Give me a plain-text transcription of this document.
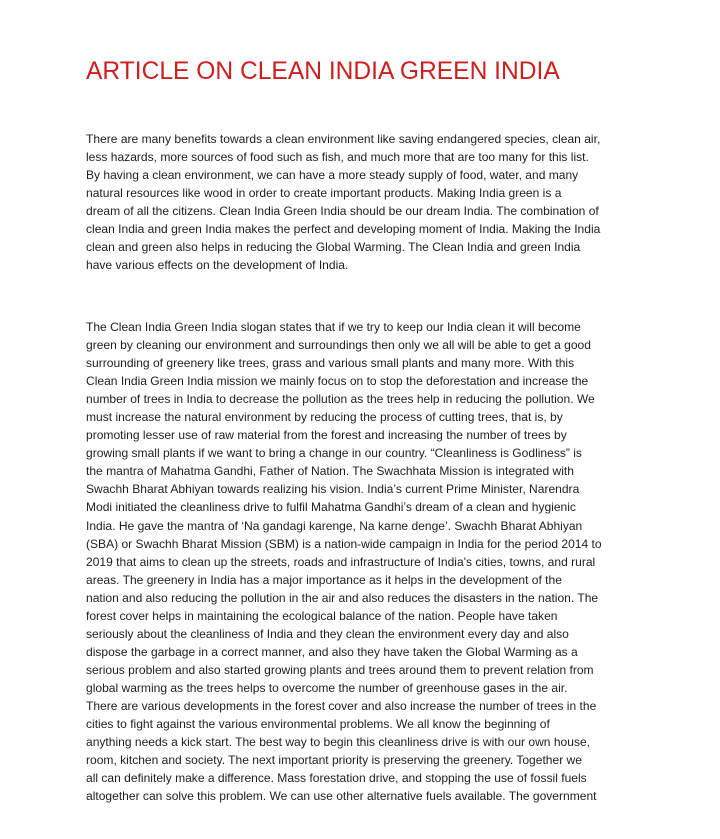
ARTICLE ON CLEAN INDIA GREEN INDIA

There are many benefits towards a clean environment like saving endangered species, clean air,
less hazards, more sources of food such as fish, and much more that are too many for this list.
By having a clean environment, we can have a more steady supply of food, water, and many
natural resources like wood in order to create important products. Making India green is a
dream of all the citizens. Clean India Green India should be our dream India. The combination of
clean India and green India makes the perfect and developing moment of India. Making the India
clean and green also helps in reducing the Global Warming. The Clean India and green India
have various effects on the development of India.

The Clean India Green India slogan states that if we try to keep our India clean it will become
green by cleaning our environment and surroundings then only we all will be able to get a good
surrounding of greenery like trees, grass and various small plants and many more. With this
Clean India Green India mission we mainly focus on to stop the deforestation and increase the
number of trees in India to decrease the pollution as the trees help in reducing the pollution. We
must increase the natural environment by reducing the process of cutting trees, that is, by
promoting lesser use of raw material from the forest and increasing the number of trees by
growing small plants if we want to bring a change in our country. “Cleanliness is Godliness” is
the mantra of Mahatma Gandhi, Father of Nation. The Swachhata Mission is integrated with
Swachh Bharat Abhiyan towards realizing his vision. India’s current Prime Minister, Narendra
Modi initiated the cleanliness drive to fulfil Mahatma Gandhi’s dream of a clean and hygienic
India. He gave the mantra of ‘Na gandagi karenge, Na karne denge’. Swachh Bharat Abhiyan
(SBA) or Swachh Bharat Mission (SBM) is a nation-wide campaign in India for the period 2014 to
2019 that aims to clean up the streets, roads and infrastructure of India's cities, towns, and rural
areas. The greenery in India has a major importance as it helps in the development of the
nation and also reducing the pollution in the air and also reduces the disasters in the nation. The
forest cover helps in maintaining the ecological balance of the nation. People have taken
seriously about the cleanliness of India and they clean the environment every day and also
dispose the garbage in a correct manner, and also they have taken the Global Warming as a
serious problem and also started growing plants and trees around them to prevent relation from
global warming as the trees helps to overcome the number of greenhouse gases in the air.
There are various developments in the forest cover and also increase the number of trees in the
cities to fight against the various environmental problems. We all know the beginning of
anything needs a kick start. The best way to begin this cleanliness drive is with our own house,
room, kitchen and society. The next important priority is preserving the greenery. Together we
all can definitely make a difference. Mass forestation drive, and stopping the use of fossil fuels
altogether can solve this problem. We can use other alternative fuels available. The government
